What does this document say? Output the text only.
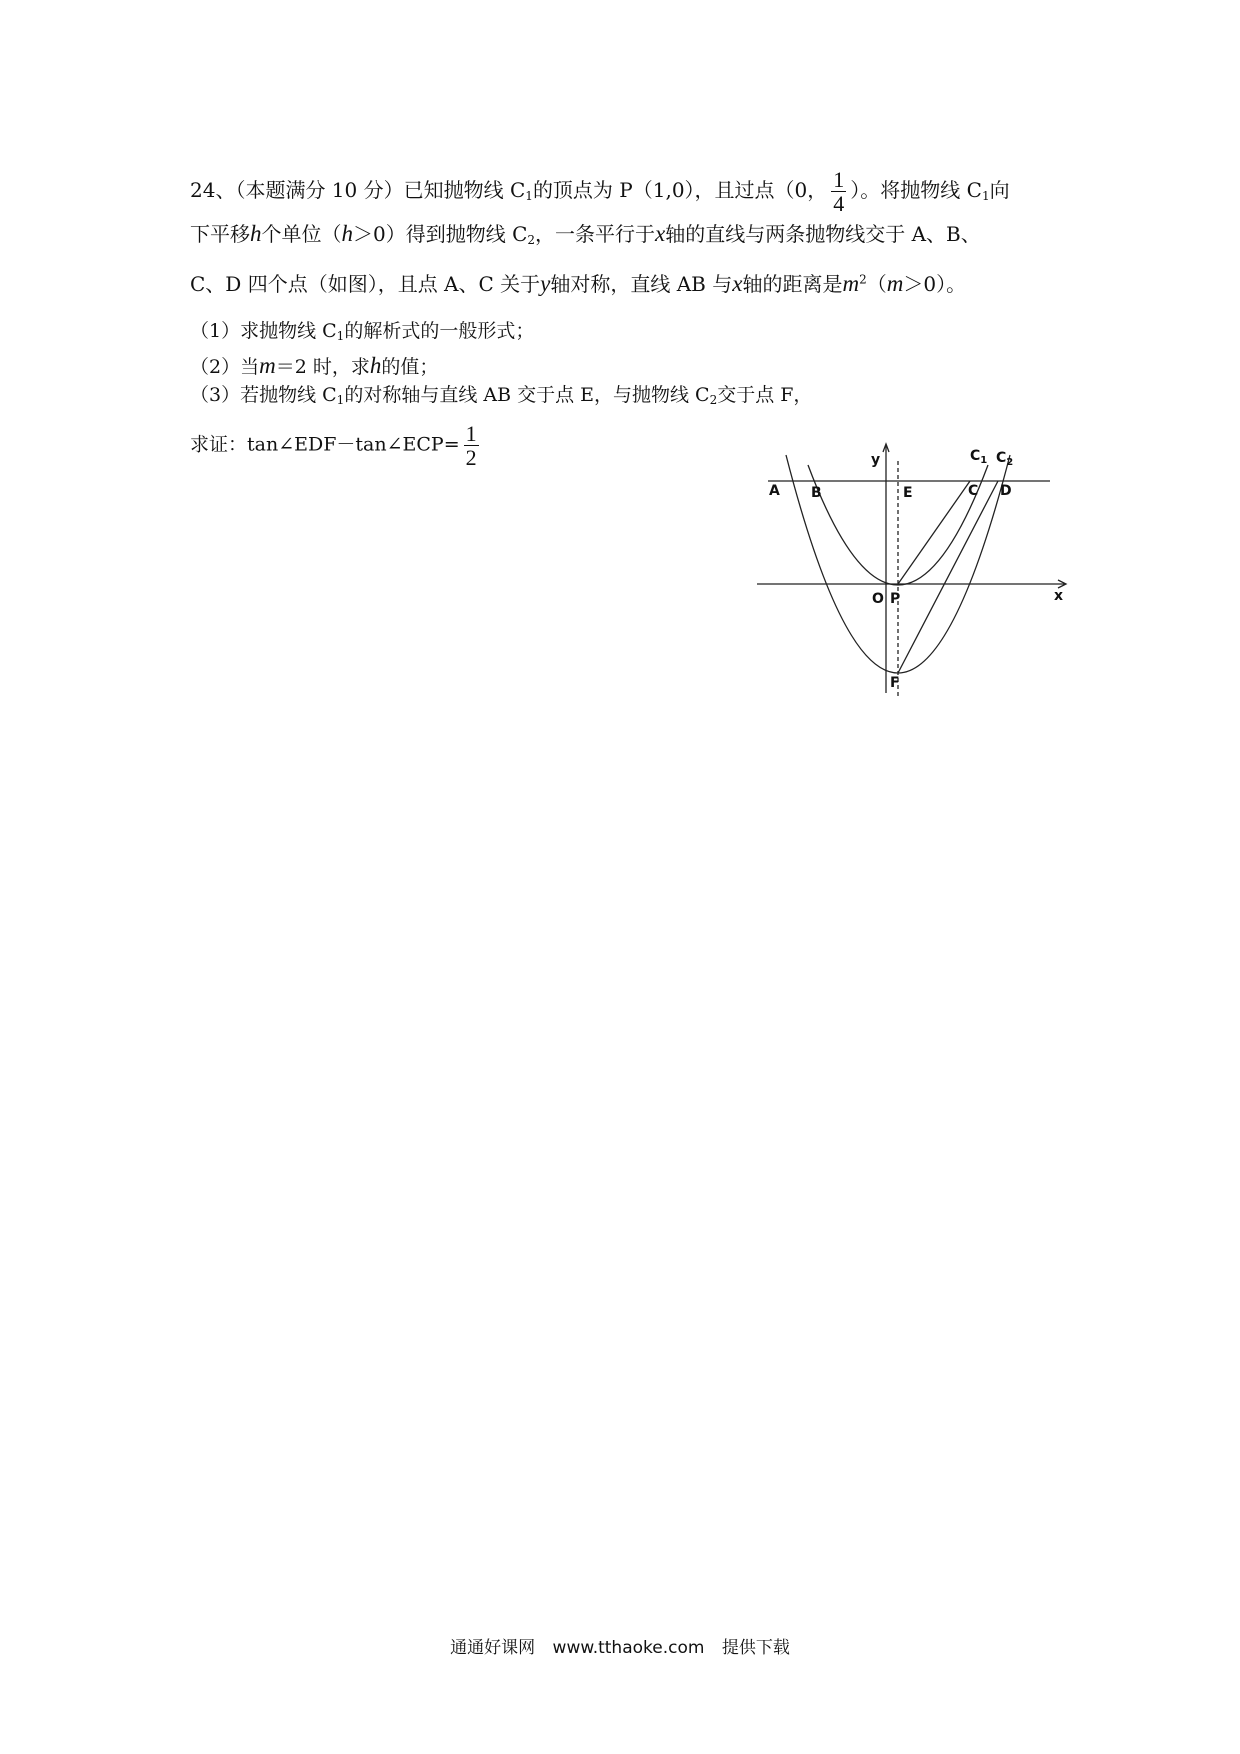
24、（本题满分 10 分）已知抛物线 $C_1$的顶点为 P（1,0），且过点（0， $\frac{1}{4}$ ）。将抛物线 $C_1$向
下平移h个单位（h＞0）得到抛物线 $C_2$，一条平行于x轴的直线与两条抛物线交于 A、B、
C、D 四个点（如图），且点 A、C 关于y轴对称，直线 AB 与x轴的距离是$m^2(m>0)$。
（1）求抛物线 $C_1$的解析式的一般形式；
（2）当m＝2 时，求h的值；
（3）若抛物线 $C_1$的对称轴与直线 AB 交于点 E，与抛物线 $C_2$交于点 F，
求证：tan∠EDF－tan∠ECP= $\frac{1}{2}$
A B	E	C D
y
x
O P
F
$C_1$ $C_2$
通通好课网 www.tthaoke.com 提供下载
